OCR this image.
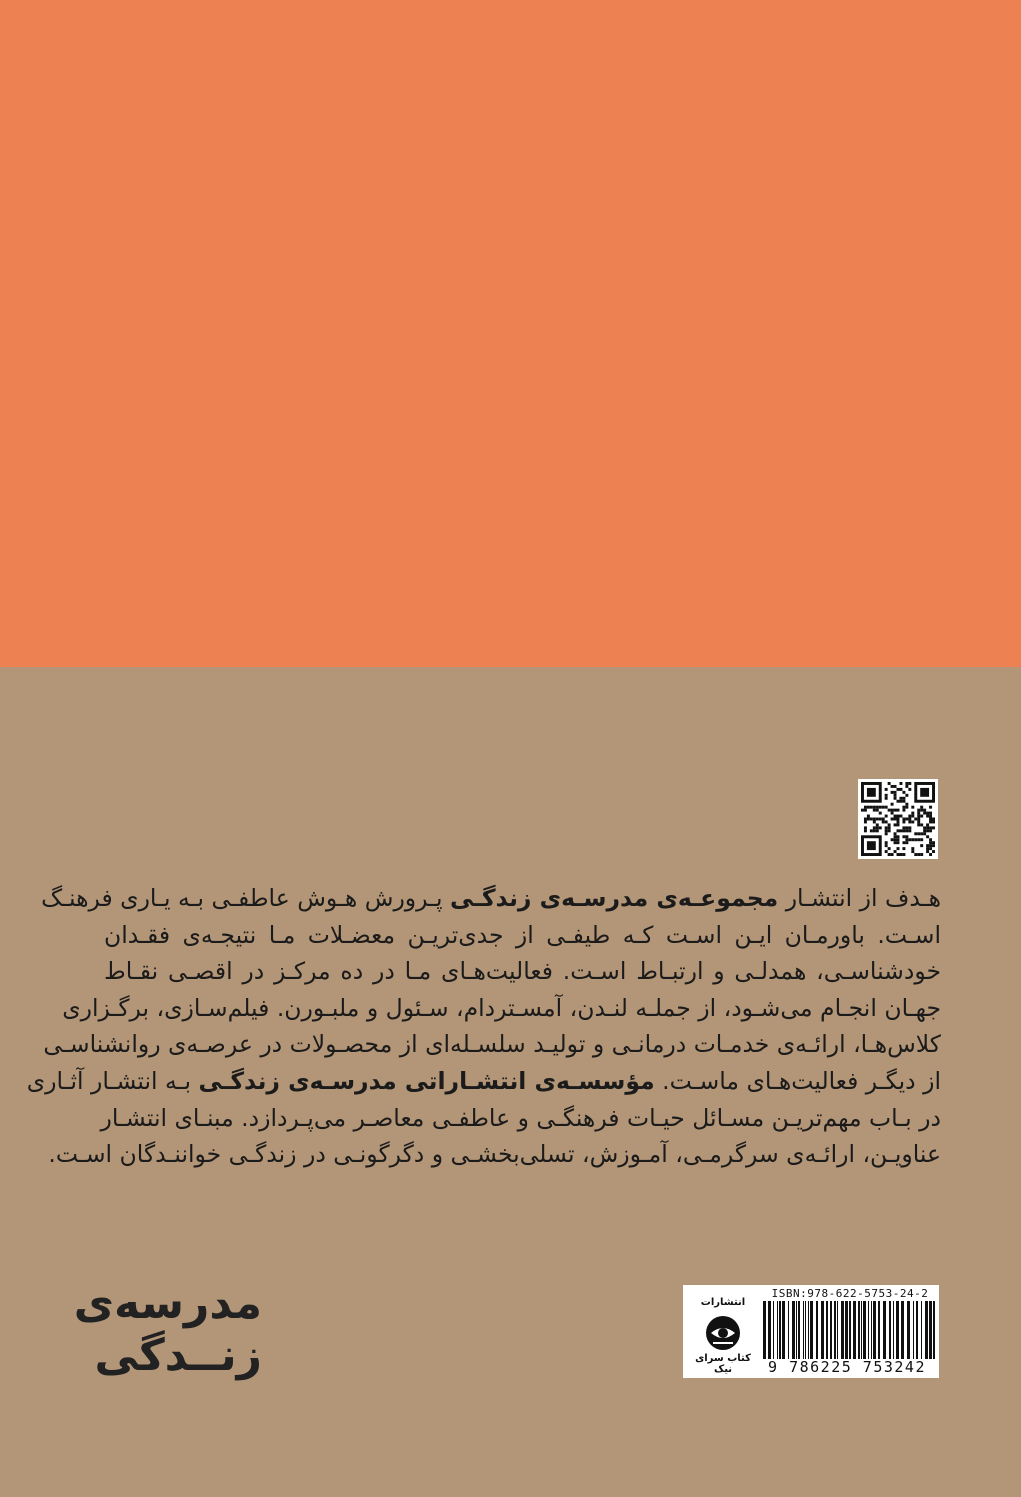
هـدف از انتشـار مجموعـه‌ی مدرسـه‌ی زندگـی پـرورش هـوش عاطفـی بـه یـاری فرهنـگ
اسـت. باورمـان ایـن اسـت کـه طیفـی از جدی‌تریـن معضـلات مـا نتیجـه‌ی فقـدان
خودشناسـی، همدلـی و ارتبـاط اسـت. فعالیت‌هـای مـا در ده مرکـز در اقصـی نقـاط
جهـان انجـام می‌شـود، از جملـه لنـدن، آمسـتردام، سـئول و ملبـورن. فیلم‌سـازی، برگـزاری
کلاس‌هـا، ارائـه‌ی خدمـات درمانـی و تولیـد سلسـله‌ای از محصـولات در عرصـه‌ی روانشناسـی
از دیگـر فعالیت‌هـای ماسـت. مؤسسـه‌ی انتشـاراتی مدرسـه‌ی زندگـی بـه انتشـار آثـاری
در بـاب مهم‌تریـن مسـائل حیـات فرهنگـی و عاطفـی معاصـر می‌پـردازد. مبنـای انتشـار
عناویـن، ارائـه‌ی سرگرمـی، آمـوزش، تسلی‌بخشـی و دگرگونـی در زندگـی خواننـدگان اسـت.
مدرسه‌ی
زنــدگی
انتشارات
کتاب سرای نیک
ISBN:978-622-5753-24-2
9 786225 753242
